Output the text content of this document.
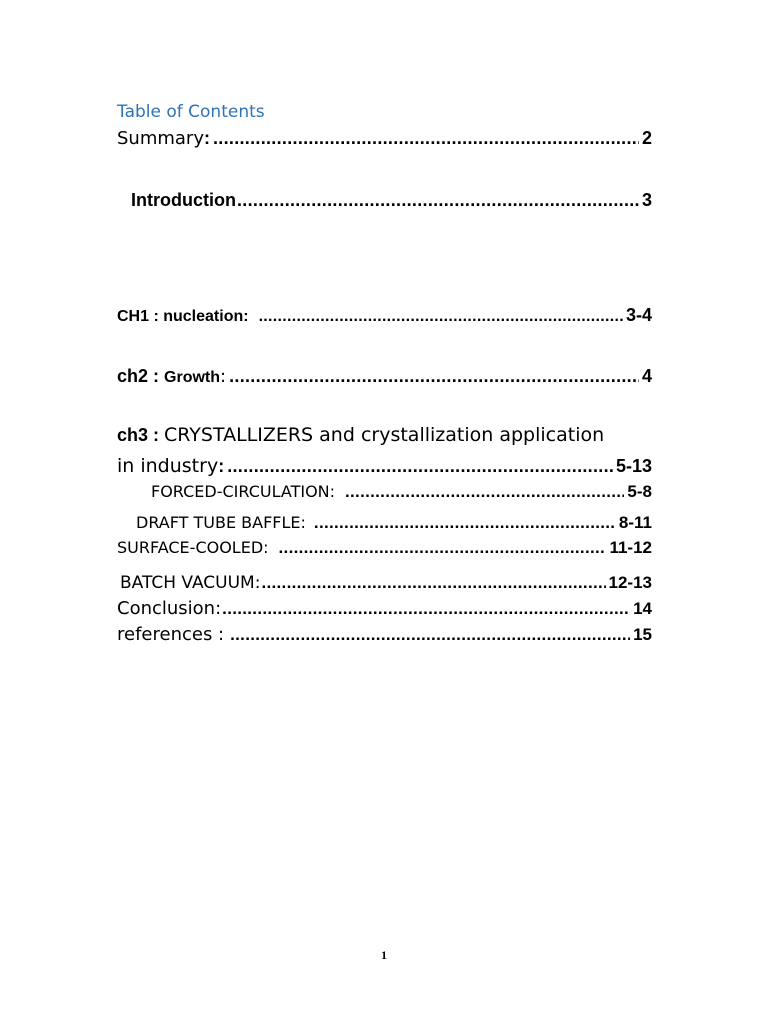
Table of Contents
Summary: .....	2
Introduction .....	3
CH1 : nucleation: .....	3-4
ch2 : Growth: .....	4
ch3 : CRYSTALLIZERS and crystallization application
in industry: .....	5-13
FORCED-CIRCULATION: .....	5-8
DRAFT TUBE BAFFLE: .....	8-11
SURFACE-COOLED: .....	11-12
BATCH VACUUM: .....	12-13
Conclusion: .....	14
references : .....	15
1
